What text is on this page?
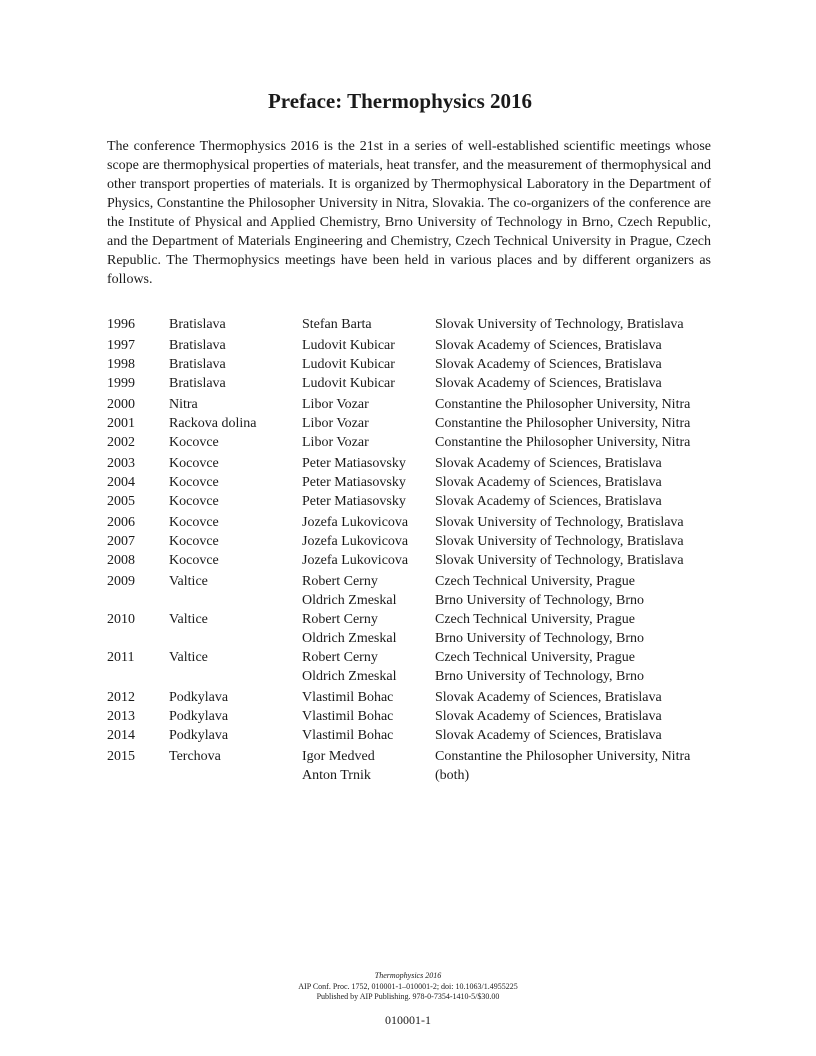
Preface: Thermophysics 2016

The conference Thermophysics 2016 is the 21st in a series of well-established scientific meetings whose scope are thermophysical properties of materials, heat transfer, and the measurement of thermophysical and other transport properties of materials. It is organized by Thermophysical Laboratory in the Department of Physics, Constantine the Philosopher University in Nitra, Slovakia. The co-organizers of the conference are the Institute of Physical and Applied Chemistry, Brno University of Technology in Brno, Czech Republic, and the Department of Materials Engineering and Chemistry, Czech Technical University in Prague, Czech Republic. The Thermophysics meetings have been held in various places and by different organizers as follows.

1996	Bratislava	Stefan Barta	Slovak University of Technology, Bratislava
1997	Bratislava	Ludovit Kubicar	Slovak Academy of Sciences, Bratislava
1998	Bratislava	Ludovit Kubicar	Slovak Academy of Sciences, Bratislava
1999	Bratislava	Ludovit Kubicar	Slovak Academy of Sciences, Bratislava
2000	Nitra	Libor Vozar	Constantine the Philosopher University, Nitra
2001	Rackova dolina	Libor Vozar	Constantine the Philosopher University, Nitra
2002	Kocovce	Libor Vozar	Constantine the Philosopher University, Nitra
2003	Kocovce	Peter Matiasovsky	Slovak Academy of Sciences, Bratislava
2004	Kocovce	Peter Matiasovsky	Slovak Academy of Sciences, Bratislava
2005	Kocovce	Peter Matiasovsky	Slovak Academy of Sciences, Bratislava
2006	Kocovce	Jozefa Lukovicova	Slovak University of Technology, Bratislava
2007	Kocovce	Jozefa Lukovicova	Slovak University of Technology, Bratislava
2008	Kocovce	Jozefa Lukovicova	Slovak University of Technology, Bratislava
2009	Valtice	Robert Cerny	Czech Technical University, Prague
		Oldrich Zmeskal	Brno University of Technology, Brno
2010	Valtice	Robert Cerny	Czech Technical University, Prague
		Oldrich Zmeskal	Brno University of Technology, Brno
2011	Valtice	Robert Cerny	Czech Technical University, Prague
		Oldrich Zmeskal	Brno University of Technology, Brno
2012	Podkylava	Vlastimil Bohac	Slovak Academy of Sciences, Bratislava
2013	Podkylava	Vlastimil Bohac	Slovak Academy of Sciences, Bratislava
2014	Podkylava	Vlastimil Bohac	Slovak Academy of Sciences, Bratislava
2015	Terchova	Igor Medved	Constantine the Philosopher University, Nitra
		Anton Trnik	(both)
Thermophysics 2016
AIP Conf. Proc. 1752, 010001-1–010001-2; doi: 10.1063/1.4955225
Published by AIP Publishing. 978-0-7354-1410-5/$30.00
010001-1
